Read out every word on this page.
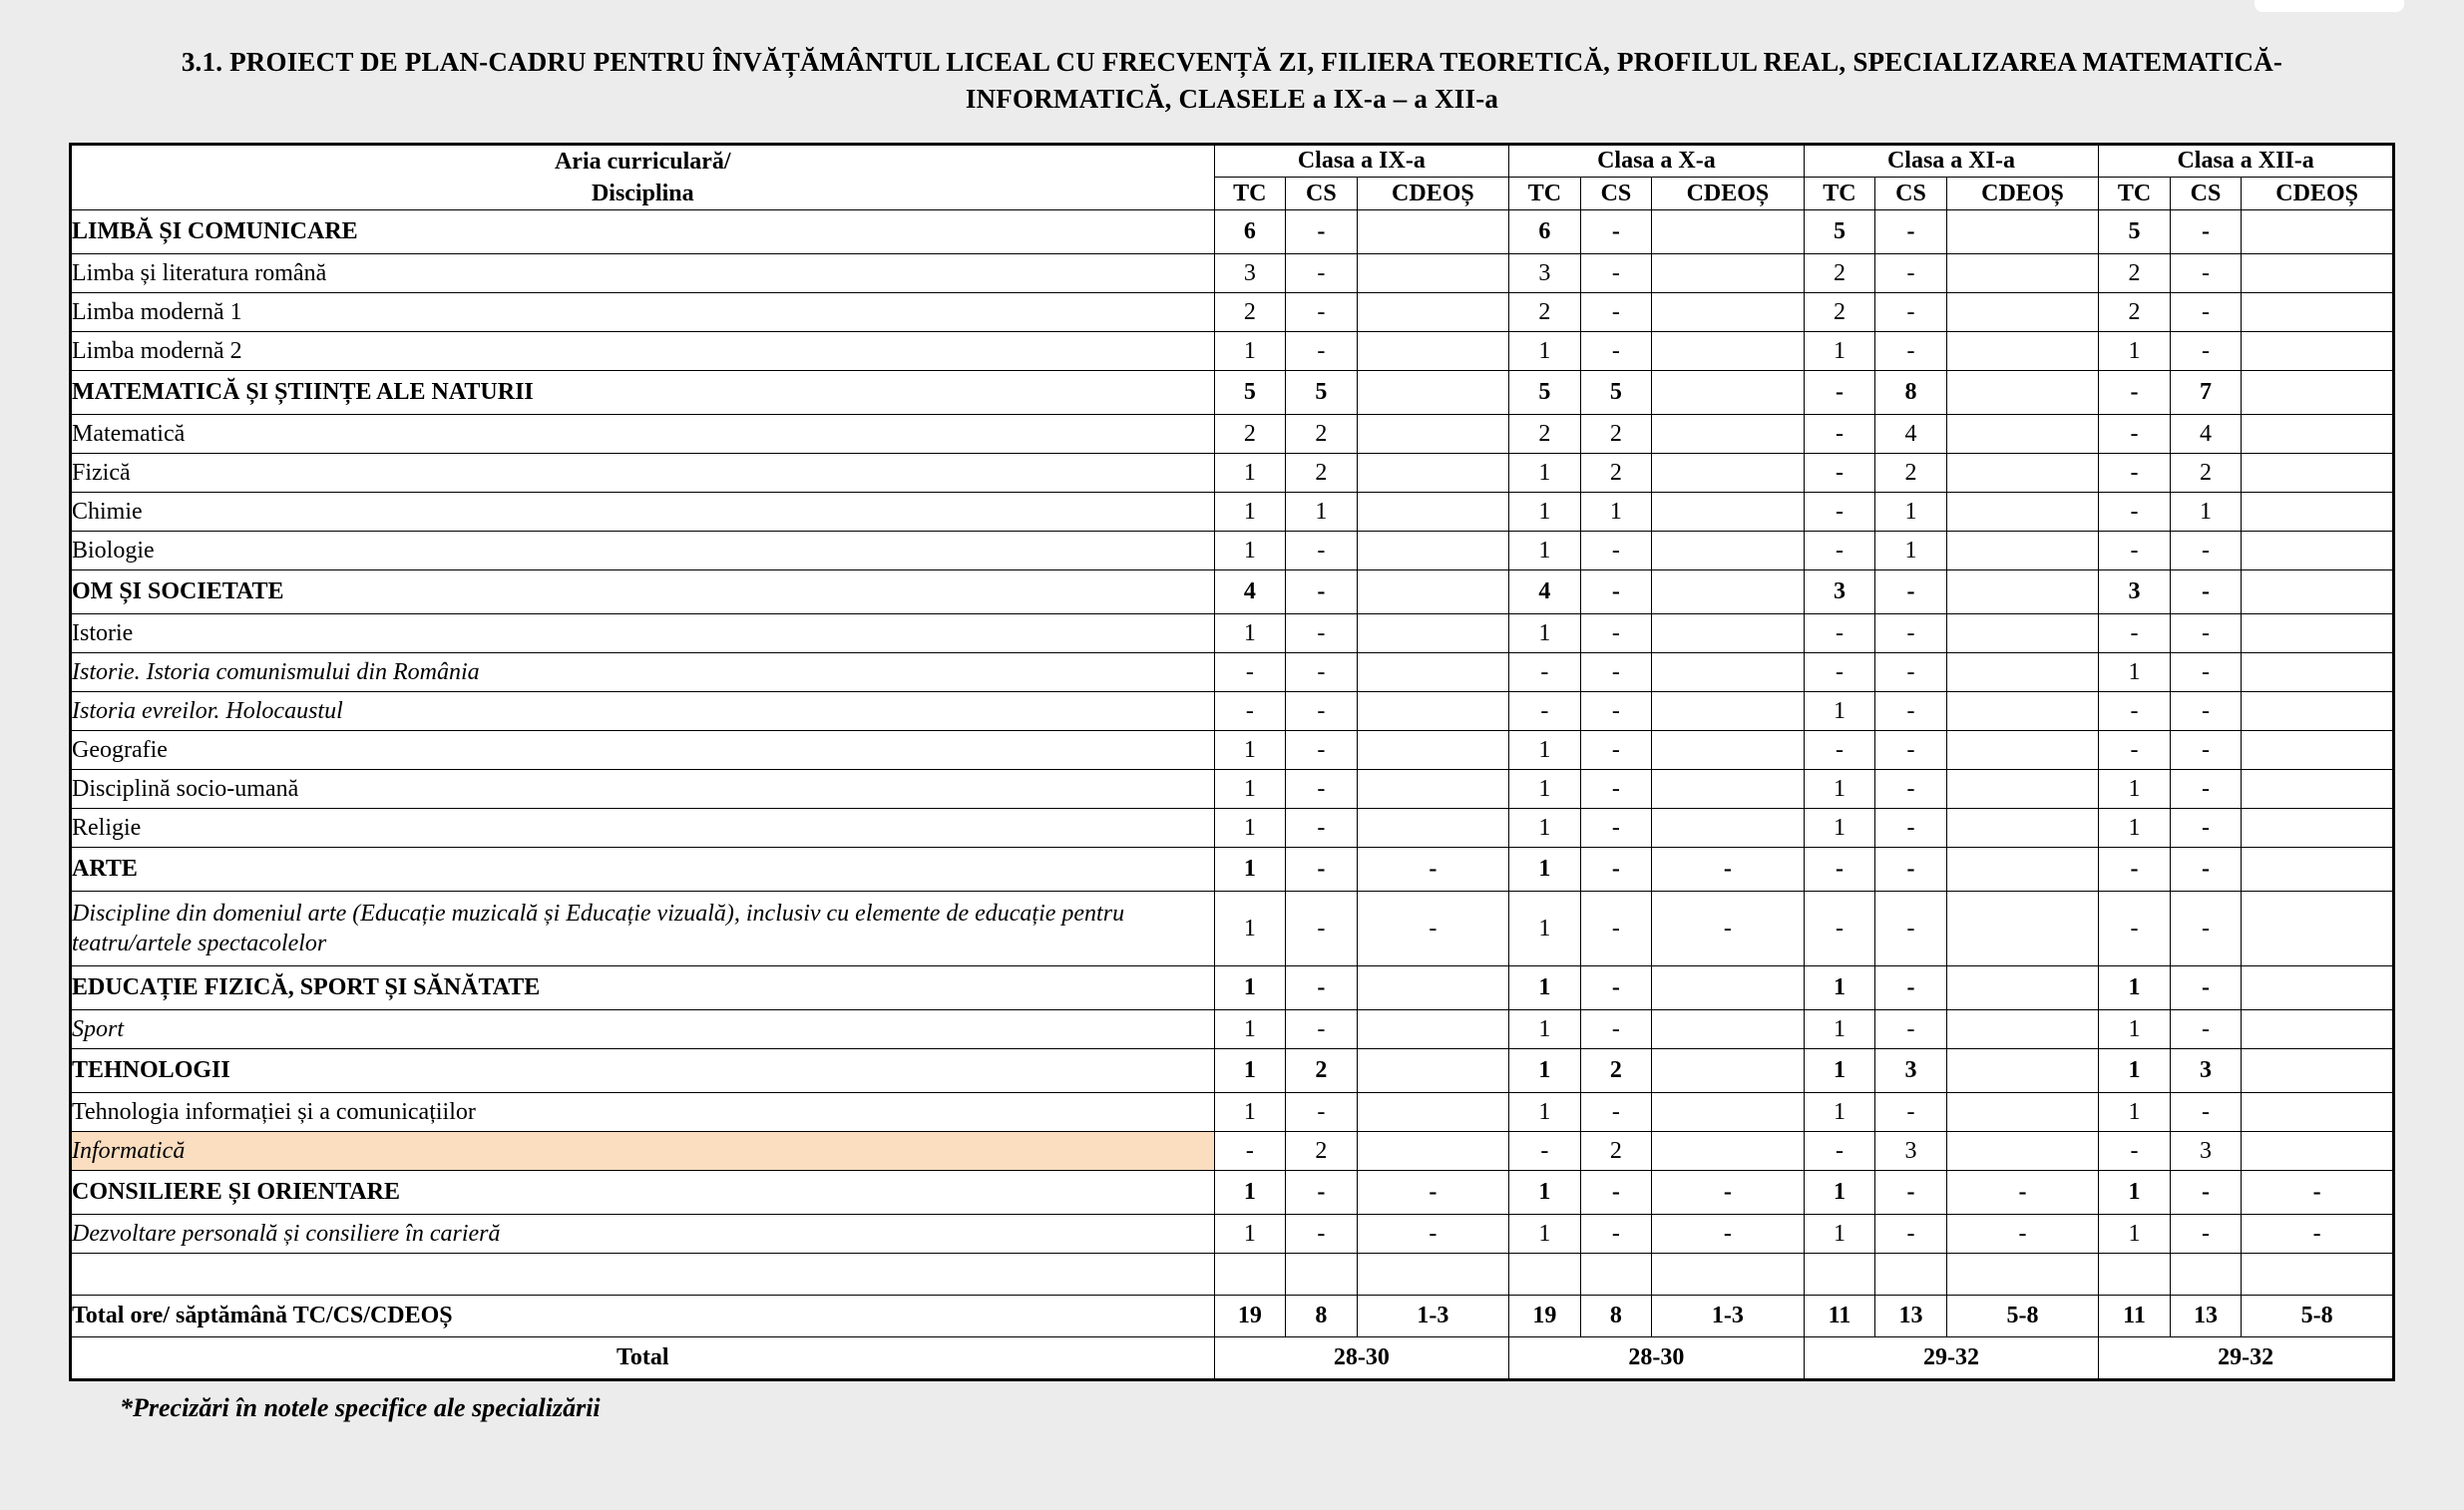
3.1. PROIECT DE PLAN-CADRU PENTRU ÎNVĂȚĂMÂNTUL LICEAL CU FRECVENȚĂ ZI, FILIERA TEORETICĂ, PROFILUL REAL, SPECIALIZAREA MATEMATICĂ-INFORMATICĂ, CLASELE a IX-a – a XII-a
Aria curriculară/
Disciplina	Clasa a IX-a			Clasa a X-a			Clasa a XI-a			Clasa a XII-a		
	TC	CS	CDEOȘ	TC	CS	CDEOȘ	TC	CS	CDEOȘ	TC	CS	CDEOȘ
LIMBĂ ȘI COMUNICARE	6	-		6	-		5	-		5	-	
Limba și literatura română	3	-		3	-		2	-		2	-	
Limba modernă 1	2	-		2	-		2	-		2	-	
Limba modernă 2	1	-		1	-		1	-		1	-	
MATEMATICĂ ȘI ȘTIINȚE ALE NATURII	5	5		5	5		-	8		-	7	
Matematică	2	2		2	2		-	4		-	4	
Fizică	1	2		1	2		-	2		-	2	
Chimie	1	1		1	1		-	1		-	1	
Biologie	1	-		1	-		-	1		-	-	
OM ȘI SOCIETATE	4	-		4	-		3	-		3	-	
Istorie	1	-		1	-		-	-		-	-	
Istorie. Istoria comunismului din România	-	-		-	-		-	-		1	-	
Istoria evreilor. Holocaustul	-	-		-	-		1	-		-	-	
Geografie	1	-		1	-		-	-		-	-	
Disciplină socio-umană	1	-		1	-		1	-		1	-	
Religie	1	-		1	-		1	-		1	-	
ARTE	1	-	-	1	-	-	-	-		-	-	
Discipline din domeniul arte (Educație muzicală și Educație vizuală), inclusiv cu elemente de educație pentru teatru/artele spectacolelor	1	-	-	1	-	-	-	-		-	-	
EDUCAȚIE FIZICĂ, SPORT ȘI SĂNĂTATE	1	-		1	-		1	-		1	-	
Sport	1	-		1	-		1	-		1	-	
TEHNOLOGII	1	2		1	2		1	3		1	3	
Tehnologia informației și a comunicațiilor	1	-		1	-		1	-		1	-	
Informatică	-	2		-	2		-	3		-	3	
CONSILIERE ȘI ORIENTARE	1	-	-	1	-	-	1	-	-	1	-	-
Dezvoltare personală și consiliere în carieră	1	-	-	1	-	-	1	-	-	1	-	-
CS flexibil*	-	1	-	-	1	-	-	2	-	-	3	-
Total ore/ săptămână TC/CS/CDEOȘ	19	8	1-3	19	8	1-3	11	13	5-8	11	13	5-8
Total	28-30			28-30			29-32			29-32		
*Precizări în notele specifice ale specializării
